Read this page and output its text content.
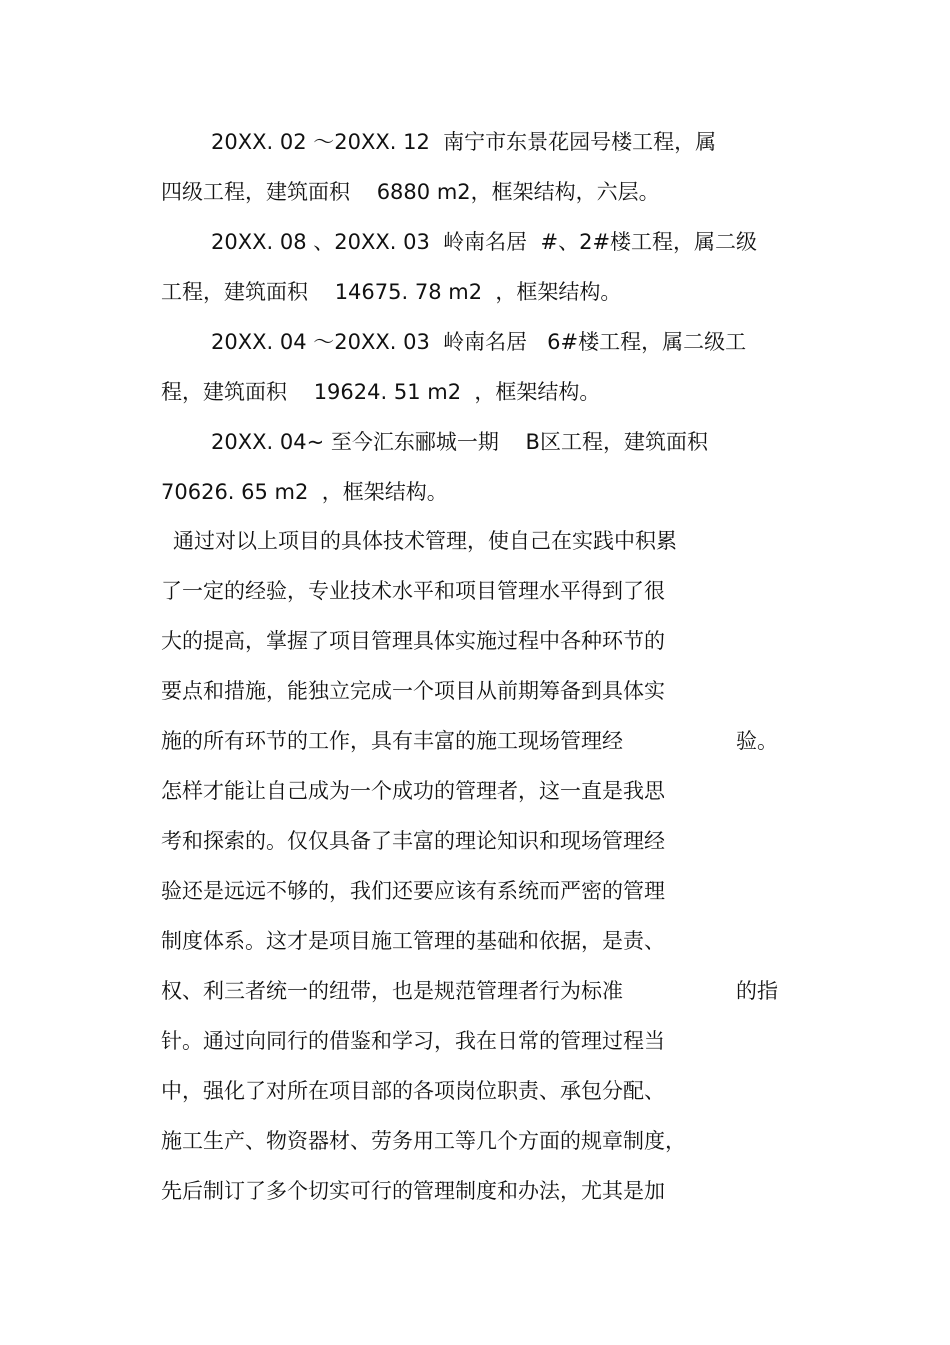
20XX. 02 ～20XX. 12  南宁市东景花园号楼工程，属
四级工程，建筑面积    6880 m2，框架结构，六层。
20XX. 08 、20XX. 03  岭南名居  #、2#楼工程，属二级
工程，建筑面积    14675. 78 m2  ，框架结构。
20XX. 04 ～20XX. 03  岭南名居   6#楼工程，属二级工
程，建筑面积    19624. 51 m2  ，框架结构。
20XX. 04~ 至今汇东郦城一期    B区工程，建筑面积
70626. 65 m2  ，框架结构。
通过对以上项目的具体技术管理，使自己在实践中积累
了一定的经验，专业技术水平和项目管理水平得到了很
大的提高，掌握了项目管理具体实施过程中各种环节的
要点和措施，能独立完成一个项目从前期筹备到具体实
施的所有环节的工作，具有丰富的施工现场管理经	验。
怎样才能让自己成为一个成功的管理者，这一直是我思
考和探索的。仅仅具备了丰富的理论知识和现场管理经
验还是远远不够的，我们还要应该有系统而严密的管理
制度体系。这才是项目施工管理的基础和依据，是责、
权、利三者统一的纽带，也是规范管理者行为标准	的指
针。通过向同行的借鉴和学习，我在日常的管理过程当
中，强化了对所在项目部的各项岗位职责、承包分配、
施工生产、物资器材、劳务用工等几个方面的规章制度，
先后制订了多个切实可行的管理制度和办法，尤其是加
